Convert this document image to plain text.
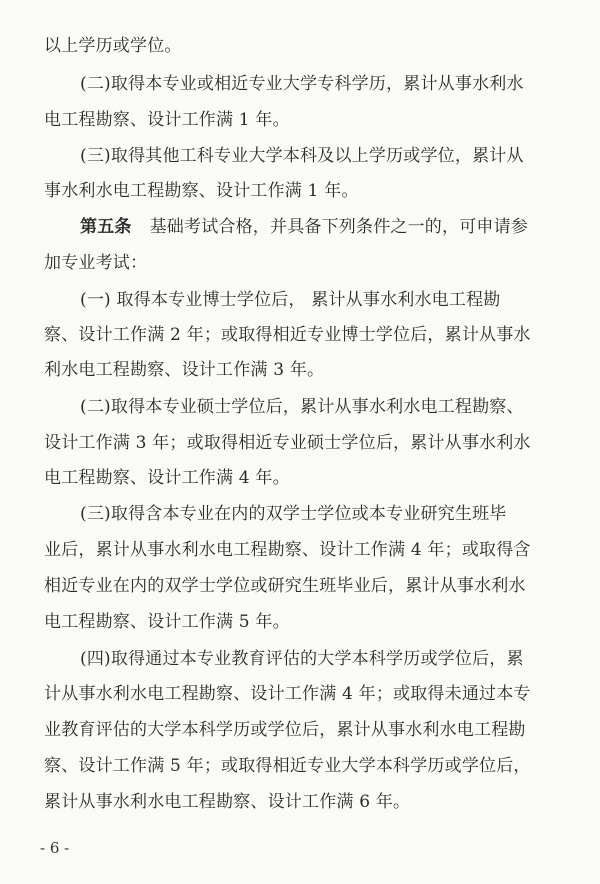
以上学历或学位。
(二)取得本专业或相近专业大学专科学历，累计从事水利水
电工程勘察、设计工作满 1 年。
(三)取得其他工科专业大学本科及以上学历或学位，累计从
事水利水电工程勘察、设计工作满 1 年。
第五条 基础考试合格，并具备下列条件之一的，可申请参
加专业考试：
(一) 取得本专业博士学位后， 累计从事水利水电工程勘
察、设计工作满 2 年；或取得相近专业博士学位后，累计从事水
利水电工程勘察、设计工作满 3 年。
(二)取得本专业硕士学位后，累计从事水利水电工程勘察、
设计工作满 3 年；或取得相近专业硕士学位后，累计从事水利水
电工程勘察、设计工作满 4 年。
(三)取得含本专业在内的双学士学位或本专业研究生班毕
业后，累计从事水利水电工程勘察、设计工作满 4 年；或取得含
相近专业在内的双学士学位或研究生班毕业后，累计从事水利水
电工程勘察、设计工作满 5 年。
(四)取得通过本专业教育评估的大学本科学历或学位后，累
计从事水利水电工程勘察、设计工作满 4 年；或取得未通过本专
业教育评估的大学本科学历或学位后，累计从事水利水电工程勘
察、设计工作满 5 年；或取得相近专业大学本科学历或学位后，
累计从事水利水电工程勘察、设计工作满 6 年。
- 6 -
